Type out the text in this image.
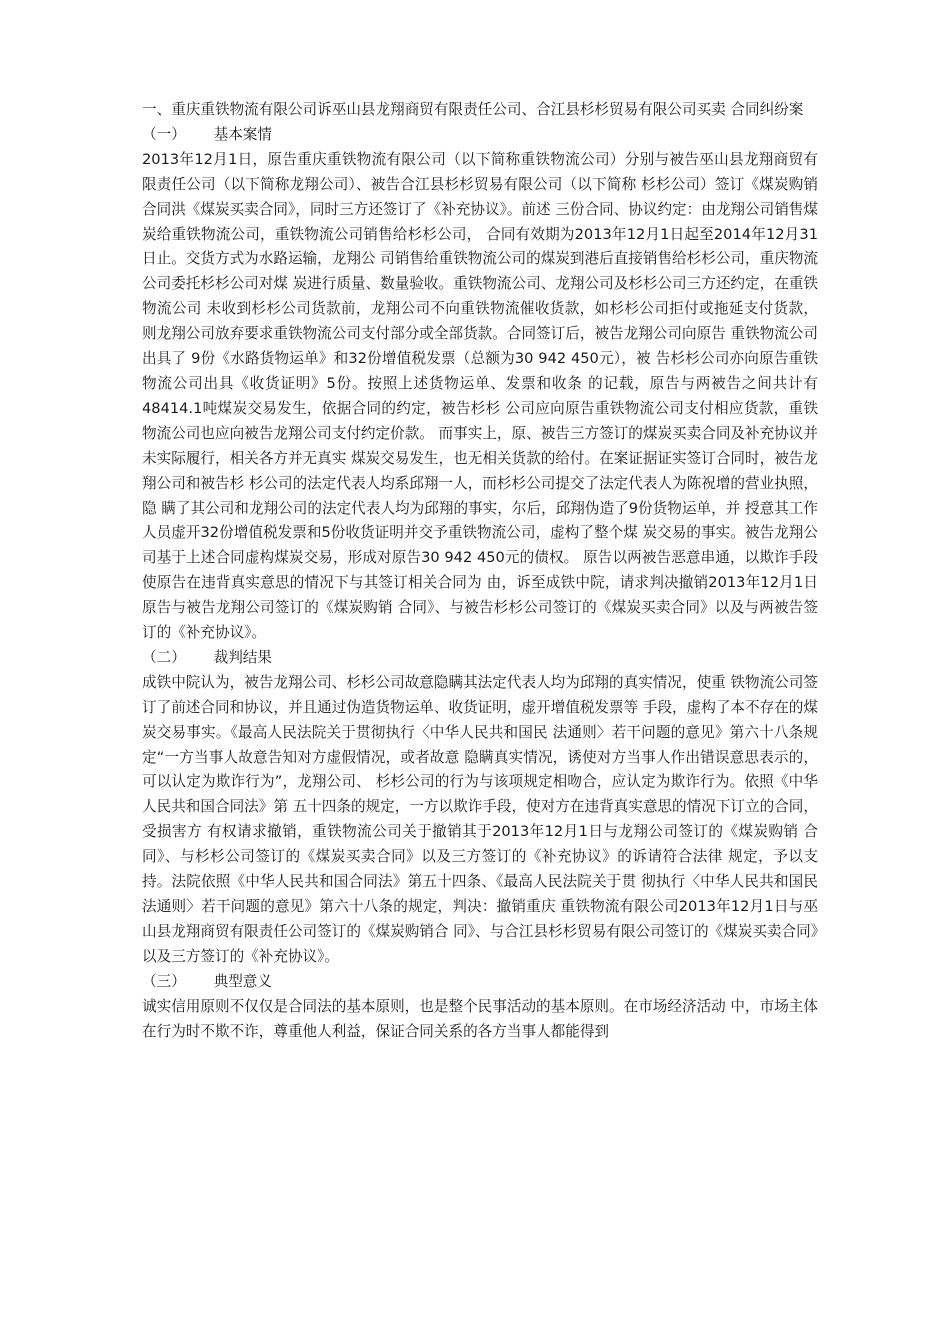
一、重庆重铁物流有限公司诉巫山县龙翔商贸有限责任公司、合江县杉杉贸易有限公司买卖 合同纠纷案

（一）      基本案情

2013年12月1日，原告重庆重铁物流有限公司（以下简称重铁物流公司）分别与被告巫山县龙翔商贸有限责任公司（以下简称龙翔公司）、被告合江县杉杉贸易有限公司（以下简称 杉杉公司）签订《煤炭购销合同洪《煤炭买卖合同》，同时三方还签订了《补充协议》。前述 三份合同、协议约定：由龙翔公司销售煤炭给重铁物流公司，重铁物流公司销售给杉杉公司， 合同有效期为2013年12月1日起至2014年12月31日止。交货方式为水路运输，龙翔公 司销售给重铁物流公司的煤炭到港后直接销售给杉杉公司，重庆物流公司委托杉杉公司对煤 炭进行质量、数量验收。重铁物流公司、龙翔公司及杉杉公司三方还约定，在重铁物流公司 未收到杉杉公司货款前，龙翔公司不向重铁物流催收货款，如杉杉公司拒付或拖延支付货款， 则龙翔公司放弃要求重铁物流公司支付部分或全部货款。合同签订后，被告龙翔公司向原告 重铁物流公司出具了 9份《水路货物运单》和32份增值税发票（总额为30 942 450元），被 告杉杉公司亦向原告重铁物流公司出具《收货证明》5份。按照上述货物运单、发票和收条 的记载，原告与两被告之间共计有48414.1吨煤炭交易发生，依据合同的约定，被告杉杉 公司应向原告重铁物流公司支付相应货款，重铁物流公司也应向被告龙翔公司支付约定价款。 而事实上，原、被告三方签订的煤炭买卖合同及补充协议并未实际履行，相关各方并无真实 煤炭交易发生，也无相关货款的给付。在案证据证实签订合同时，被告龙翔公司和被告杉 杉公司的法定代表人均系邱翔一人，而杉杉公司提交了法定代表人为陈祝增的营业执照，隐 瞒了其公司和龙翔公司的法定代表人均为邱翔的事实，尔后，邱翔伪造了9份货物运单，并 授意其工作人员虚开32份增值税发票和5份收货证明并交予重铁物流公司，虚构了整个煤 炭交易的事实。被告龙翔公司基于上述合同虚构煤炭交易，形成对原告30 942 450元的债权。 原告以两被告恶意串通，以欺诈手段使原告在违背真实意思的情况下与其签订相关合同为 由，诉至成铁中院，请求判决撤销2013年12月1日原告与被告龙翔公司签订的《煤炭购销 合同》、与被告杉杉公司签订的《煤炭买卖合同》以及与两被告签订的《补充协议》。

（二）      裁判结果

成铁中院认为，被告龙翔公司、杉杉公司故意隐瞒其法定代表人均为邱翔的真实情况，使重 铁物流公司签订了前述合同和协议，并且通过伪造货物运单、收货证明，虚开增值税发票等 手段，虚构了本不存在的煤炭交易事实。《最高人民法院关于贯彻执行〈中华人民共和国民 法通则〉若干问题的意见》第六十八条规定“一方当事人故意告知对方虚假情况，或者故意 隐瞒真实情况，诱使对方当事人作出错误意思表示的，可以认定为欺诈行为”，龙翔公司、 杉杉公司的行为与该项规定相吻合，应认定为欺诈行为。依照《中华人民共和国合同法》第 五十四条的规定，一方以欺诈手段，使对方在违背真实意思的情况下订立的合同，受损害方 有权请求撤销，重铁物流公司关于撤销其于2013年12月1日与龙翔公司签订的《煤炭购销 合同》、与杉杉公司签订的《煤炭买卖合同》以及三方签订的《补充协议》的诉请符合法律 规定，予以支持。法院依照《中华人民共和国合同法》第五十四条、《最高人民法院关于贯 彻执行〈中华人民共和国民法通则〉若干问题的意见》第六十八条的规定，判决：撤销重庆 重铁物流有限公司2013年12月1日与巫山县龙翔商贸有限责任公司签订的《煤炭购销合 同》、与合江县杉杉贸易有限公司签订的《煤炭买卖合同》以及三方签订的《补充协议》。

（三）      典型意义

诚实信用原则不仅仅是合同法的基本原则，也是整个民事活动的基本原则。在市场经济活动 中，市场主体在行为时不欺不诈，尊重他人利益，保证合同关系的各方当事人都能得到
